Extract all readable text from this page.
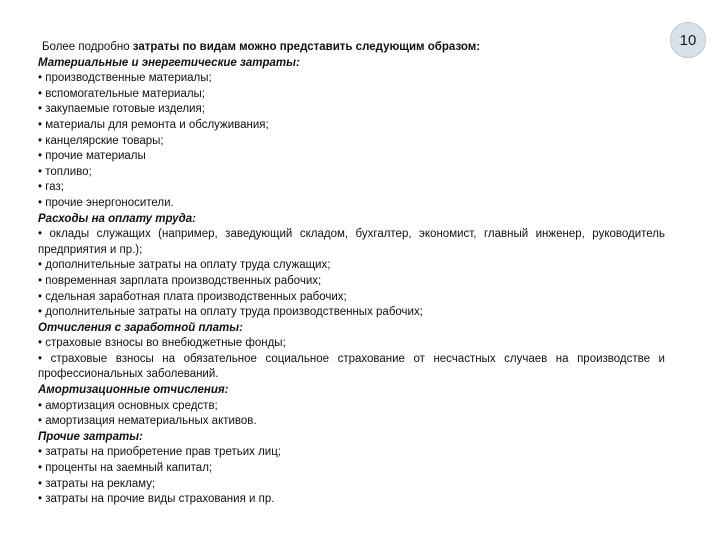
10
Более подробно затраты по видам можно представить следующим образом:
Материальные и энергетические затраты:
• производственные материалы;
• вспомогательные материалы;
• закупаемые готовые изделия;
• материалы для ремонта и обслуживания;
• канцелярские товары;
• прочие материалы
• топливо;
• газ;
• прочие энергоносители.
Расходы на оплату труда:
• оклады служащих (например, заведующий складом, бухгалтер, экономист, главный инженер, руководитель предприятия и пр.);
• дополнительные затраты на оплату труда служащих;
• повременная зарплата производственных рабочих;
• сдельная заработная плата производственных рабочих;
• дополнительные затраты на оплату труда производственных рабочих;
Отчисления с заработной платы:
• страховые взносы во внебюджетные фонды;
• страховые взносы на обязательное социальное страхование от несчастных случаев на производстве и профессиональных заболеваний.
Амортизационные отчисления:
• амортизация основных средств;
• амортизация нематериальных активов.
Прочие затраты:
• затраты на приобретение прав третьих лиц;
• проценты на заемный капитал;
• затраты на рекламу;
• затраты на прочие виды страхования и пр.
